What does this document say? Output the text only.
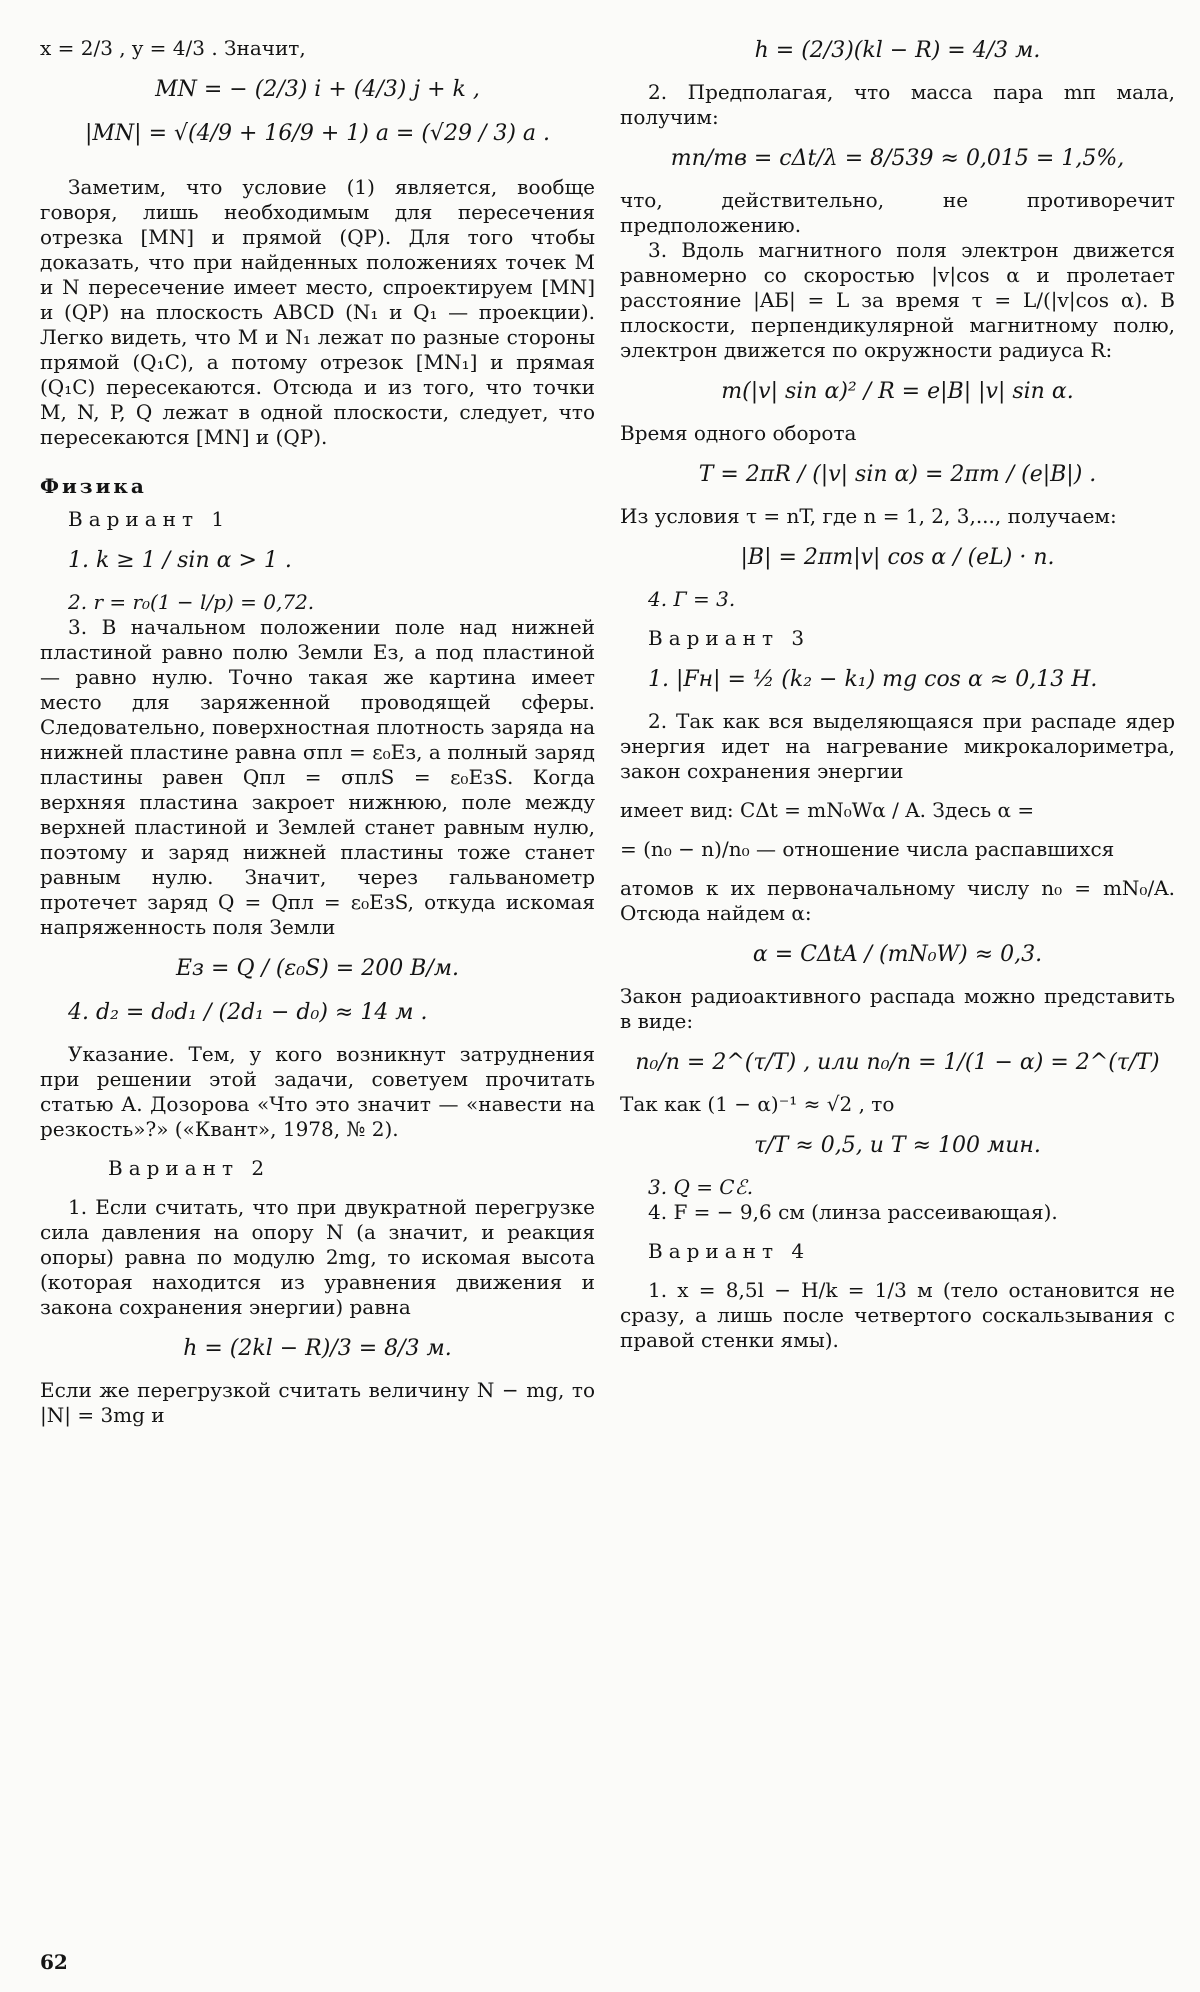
x = 2/3 , y = 4/3 . Значит,

MN = − (2/3) i + (4/3) j + k ,

|MN| = √(4/9 + 16/9 + 1) a = (√29 / 3) a .

Заметим, что условие (1) является, вообще говоря, лишь необходимым для пересечения отрезка [MN] и прямой (QP). Для того чтобы доказать, что при найденных положениях точек M и N пересечение имеет место, спроектируем [MN] и (QP) на плоскость ABCD (N₁ и Q₁ — проекции). Легко видеть, что M и N₁ лежат по разные стороны прямой (Q₁C), а потому отрезок [MN₁] и прямая (Q₁C) пересекаются. Отсюда и из того, что точки M, N, P, Q лежат в одной плоскости, следует, что пересекаются [MN] и (QP).

Физика

Вариант 1

1. k ≥ 1 / sin α > 1 .

2. r = r₀(1 − l/p) = 0,72.

3. В начальном положении поле над нижней пластиной равно полю Земли Eз, а под пластиной — равно нулю. Точно такая же картина имеет место для заряженной проводящей сферы. Следовательно, поверхностная плотность заряда на нижней пластине равна σпл = ε₀Eз, а полный заряд пластины равен Qпл = σплS = ε₀EзS. Когда верхняя пластина закроет нижнюю, поле между верхней пластиной и Землей станет равным нулю, поэтому и заряд нижней пластины тоже станет равным нулю. Значит, через гальванометр протечет заряд Q = Qпл = ε₀EзS, откуда искомая напряженность поля Земли

Eз = Q / (ε₀S) = 200 В/м.

4. d₂ = d₀d₁ / (2d₁ − d₀) ≈ 14 м .

Указание. Тем, у кого возникнут затруднения при решении этой задачи, советуем прочитать статью А. Дозорова «Что это значит — «навести на резкость»?» («Квант», 1978, № 2).

Вариант 2

1. Если считать, что при двукратной перегрузке сила давления на опору N (а значит, и реакция опоры) равна по модулю 2mg, то искомая высота (которая находится из уравнения движения и закона сохранения энергии) равна

h = (2kl − R)/3 = 8/3 м.

Если же перегрузкой считать величину N − mg, то |N| = 3mg и

h = (2/3)(kl − R) = 4/3 м.

2. Предполагая, что масса пара mп мала, получим:

mп/mв = cΔt/λ = 8/539 ≈ 0,015 = 1,5%,

что, действительно, не противоречит предположению.

3. Вдоль магнитного поля электрон движется равномерно со скоростью |v|cos α и пролетает расстояние |AБ| = L за время τ = L/(|v|cos α). В плоскости, перпендикулярной магнитному полю, электрон движется по окружности радиуса R:

m(|v| sin α)² / R = e|B| |v| sin α.

Время одного оборота

T = 2πR / (|v| sin α) = 2πm / (e|B|) .

Из условия τ = nT, где n = 1, 2, 3,..., получаем:

|B| = 2πm|v| cos α / (eL) · n.

4. Г = 3.

Вариант 3

1. |Fн| = ½ (k₂ − k₁) mg cos α ≈ 0,13 Н.

2. Так как вся выделяющаяся при распаде ядер энергия идет на нагревание микрокалориметра, закон сохранения энергии

имеет вид: CΔt = mN₀Wα / A. Здесь α =

= (n₀ − n)/n₀ — отношение числа распавшихся

атомов к их первоначальному числу n₀ = mN₀/A. Отсюда найдем α:

α = CΔtA / (mN₀W) ≈ 0,3.

Закон радиоактивного распада можно представить в виде:

n₀/n = 2^(τ/T) , или n₀/n = 1/(1 − α) = 2^(τ/T)

Так как (1 − α)⁻¹ ≈ √2 , то

τ/T ≈ 0,5, и T ≈ 100 мин.

3. Q = Cℰ.

4. F = − 9,6 см (линза рассеивающая).

Вариант 4

1. x = 8,5l − H/k = 1/3 м (тело остановится не сразу, а лишь после четвертого соскальзывания с правой стенки ямы).

62
